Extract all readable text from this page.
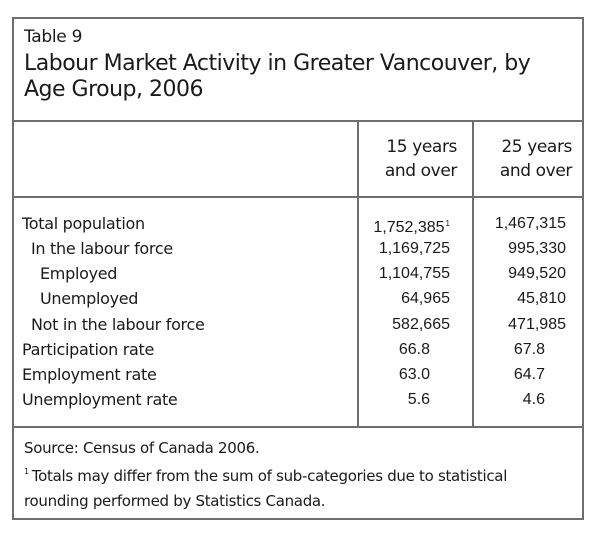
Table 9
Labour Market Activity in Greater Vancouver, by Age Group, 2006
15 years
and over
25 years
and over
Total population	1,752,385$^1$	1,467,315
In the labour force	1,169,725	995,330
Employed	1,104,755	949,520
Unemployed	64,965	45,810
Not in the labour force	582,665	471,985
Participation rate	66.8	67.8
Employment rate	63.0	64.7
Unemployment rate	5.6	4.6
Source: Census of Canada 2006.
$^1$ Totals may differ from the sum of sub-categories due to statistical rounding performed by Statistics Canada.
